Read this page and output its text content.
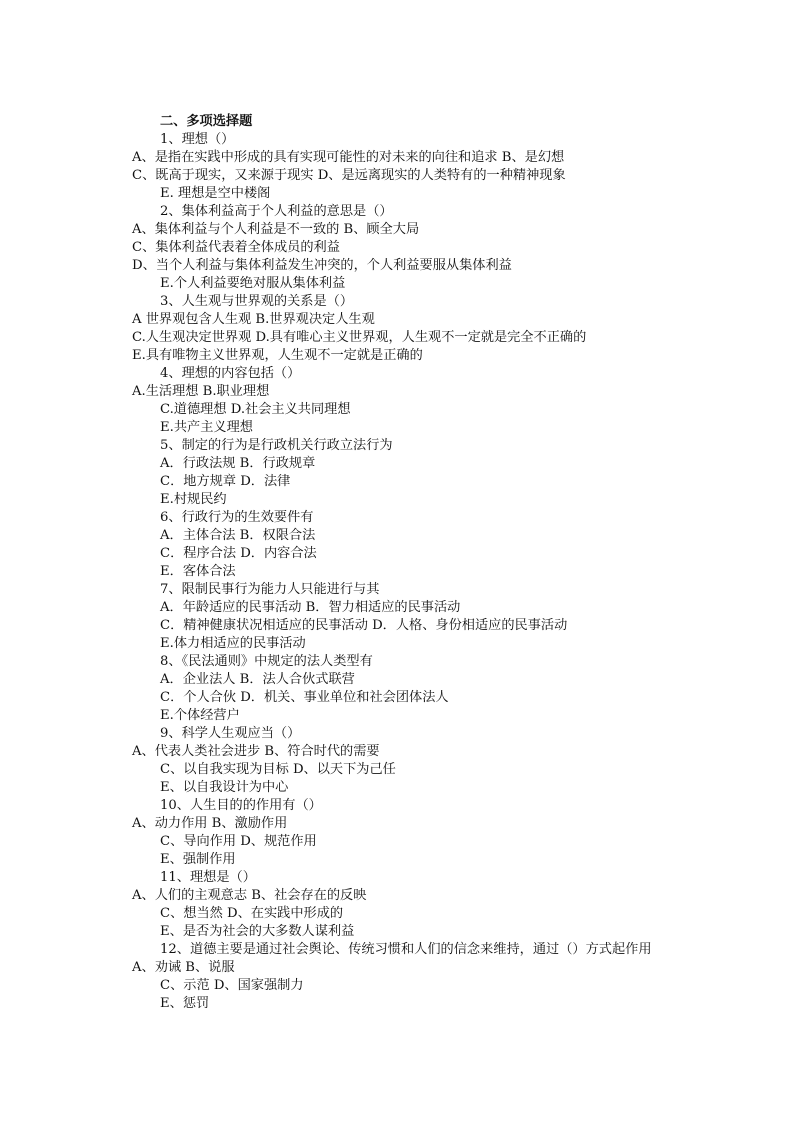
二、多项选择题
1、理想（）
A、是指在实践中形成的具有实现可能性的对未来的向往和追求 B、是幻想
C、既高于现实，又来源于现实 D、是远离现实的人类特有的一种精神现象
E. 理想是空中楼阁
2、集体利益高于个人利益的意思是（）
A、集体利益与个人利益是不一致的 B、顾全大局
C、集体利益代表着全体成员的利益
D、当个人利益与集体利益发生冲突的，个人利益要服从集体利益
E.个人利益要绝对服从集体利益
3、人生观与世界观的关系是（）
A 世界观包含人生观 B.世界观决定人生观
C.人生观决定世界观 D.具有唯心主义世界观，人生观不一定就是完全不正确的
E.具有唯物主义世界观，人生观不一定就是正确的
4、理想的内容包括（）
A.生活理想 B.职业理想
C.道德理想 D.社会主义共同理想
E.共产主义理想
5、制定的行为是行政机关行政立法行为
A．行政法规 B．行政规章
C．地方规章 D．法律
E.村规民约
6、行政行为的生效要件有
A．主体合法 B．权限合法
C．程序合法 D．内容合法
E．客体合法
7、限制民事行为能力人只能进行与其
A．年龄适应的民事活动 B．智力相适应的民事活动
C．精神健康状况相适应的民事活动 D．人格、身份相适应的民事活动
E.体力相适应的民事活动
8、《民法通则》中规定的法人类型有
A．企业法人 B．法人合伙式联营
C．个人合伙 D．机关、事业单位和社会团体法人
E.个体经营户
9、科学人生观应当（）
A、代表人类社会进步 B、符合时代的需要
C、以自我实现为目标 D、以天下为己任
E、以自我设计为中心
10、人生目的的作用有（）
A、动力作用 B、激励作用
C、导向作用 D、规范作用
E、强制作用
11、理想是（）
A、人们的主观意志 B、社会存在的反映
C、想当然 D、在实践中形成的
E、是否为社会的大多数人谋利益
12、道德主要是通过社会舆论、传统习惯和人们的信念来维持，通过（）方式起作用
A、劝诫 B、说服
C、示范 D、国家强制力
E、惩罚
